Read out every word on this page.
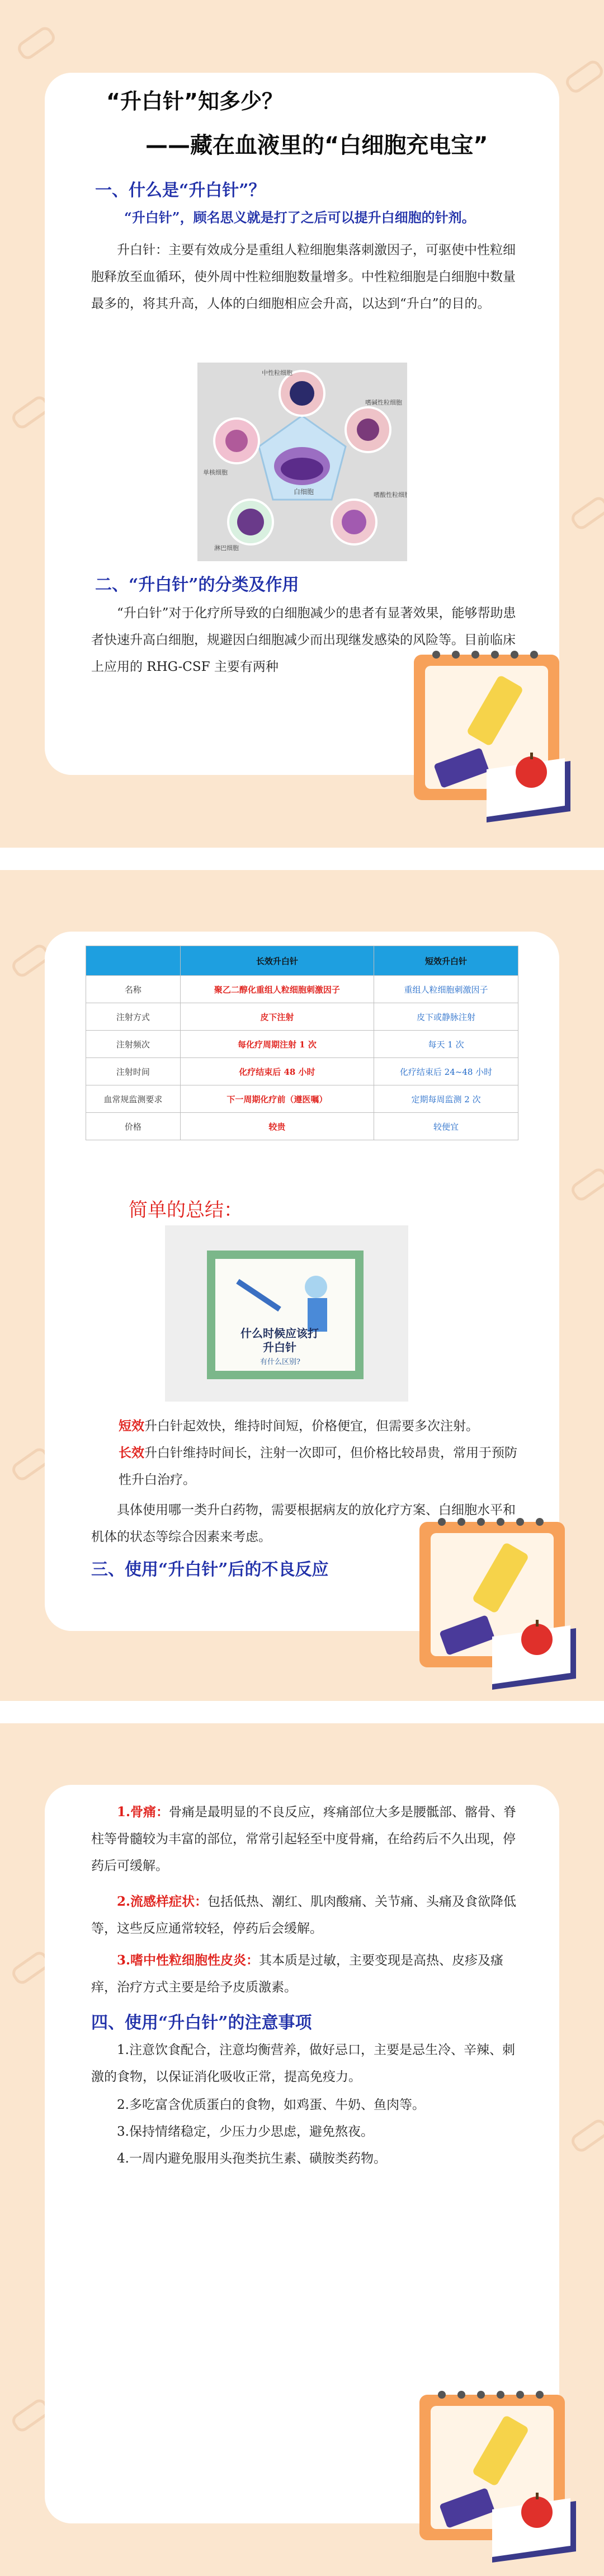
“升白针”知多少？
——藏在血液里的“白细胞充电宝”
一、什么是“升白针”？
“升白针”，顾名思义就是打了之后可以提升白细胞的针剂。
升白针：主要有效成分是重组人粒细胞集落刺激因子，可驱使中性粒细胞释放至血循环，使外周中性粒细胞数量增多。中性粒细胞是白细胞中数量最多的，将其升高，人体的白细胞相应会升高，以达到“升白”的目的。
白细胞
中性粒细胞
嗜碱性粒细胞
嗜酸性粒细胞
淋巴细胞
单核细胞
二、“升白针”的分类及作用
“升白针”对于化疗所导致的白细胞减少的患者有显著效果，能够帮助患者快速升高白细胞，规避因白细胞减少而出现继发感染的风险等。目前临床上应用的 RHG-CSF 主要有两种
	长效升白针	短效升白针
名称	聚乙二醇化重组人粒细胞刺激因子	重组人粒细胞刺激因子
注射方式	皮下注射	皮下或静脉注射
注射频次	每化疗周期注射 1 次	每天 1 次
注射时间	化疗结束后 48 小时	化疗结束后 24~48 小时
血常规监测要求	下一周期化疗前（遵医嘱）	定期每周监测 2 次
价格	较贵	较便宜
简单的总结：
什么时候应该打
升白针
有什么区别?
短效升白针起效快，维持时间短，价格便宜，但需要多次注射。
长效升白针维持时间长，注射一次即可，但价格比较昂贵，常用于预防性升白治疗。
具体使用哪一类升白药物，需要根据病友的放化疗方案、白细胞水平和机体的状态等综合因素来考虑。
三、使用“升白针”后的不良反应
1.骨痛：骨痛是最明显的不良反应，疼痛部位大多是腰骶部、髂骨、脊柱等骨髓较为丰富的部位，常常引起轻至中度骨痛，在给药后不久出现，停药后可缓解。
2.流感样症状：包括低热、潮红、肌肉酸痛、关节痛、头痛及食欲降低等，这些反应通常较轻，停药后会缓解。
3.嗜中性粒细胞性皮炎：其本质是过敏，主要变现是高热、皮疹及瘙痒，治疗方式主要是给予皮质激素。
四、使用“升白针”的注意事项
1.注意饮食配合，注意均衡营养，做好忌口，主要是忌生冷、辛辣、刺激的食物，以保证消化吸收正常，提高免疫力。
2.多吃富含优质蛋白的食物，如鸡蛋、牛奶、鱼肉等。
3.保持情绪稳定，少压力少思虑，避免熬夜。
4.一周内避免服用头孢类抗生素、磺胺类药物。
